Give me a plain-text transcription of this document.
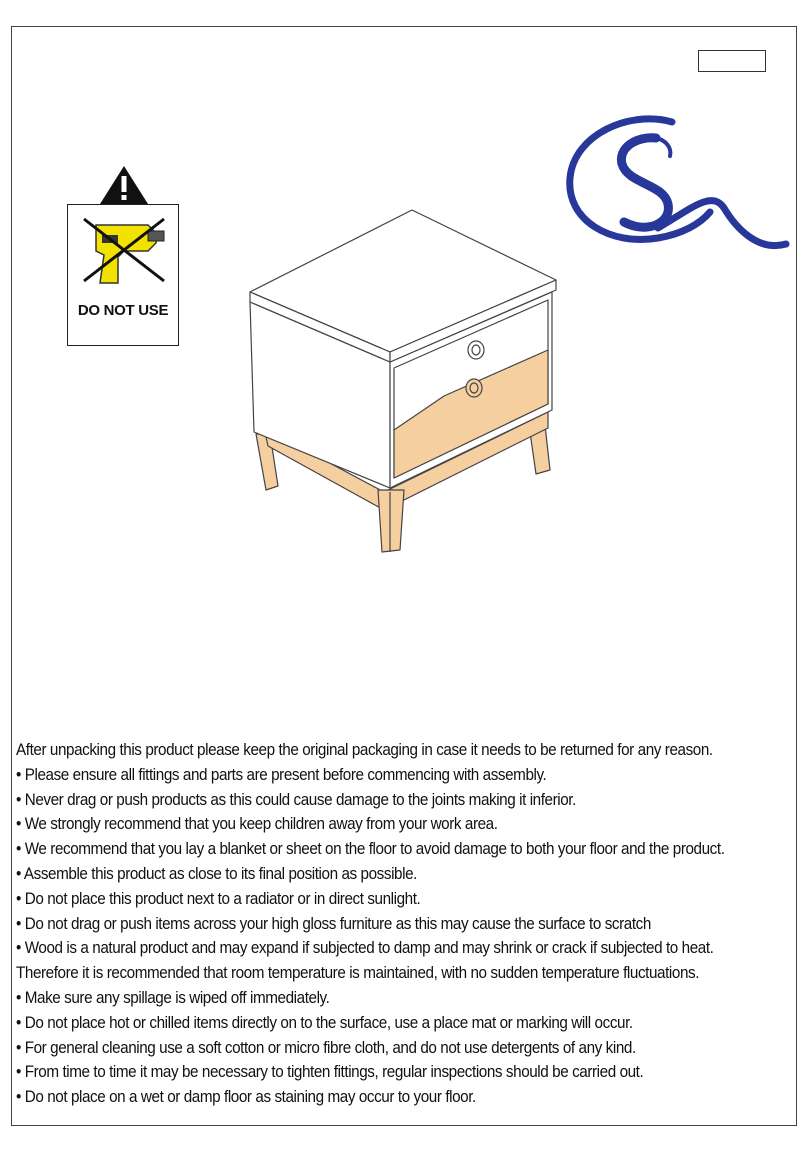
DO NOT USE

After unpacking this product please keep the original packaging in case it needs to be returned for any reason.

• Please ensure all fittings and parts are present before commencing with assembly.

• Never drag or push products as this could cause damage to the joints making it inferior.

• We strongly recommend that you keep children away from your work area.

• We recommend that you lay a blanket or sheet on the floor to avoid damage to both your floor and the product.

• Assemble this product as close to its final position as possible.

• Do not place this product next to a radiator or in direct sunlight.

• Do not drag or push items across your high gloss furniture as this may cause the surface to scratch

• Wood is a natural product and may expand if subjected to damp and may shrink or crack if subjected to heat.

Therefore it is recommended that room temperature is maintained, with no sudden temperature fluctuations.

• Make sure any spillage is wiped off immediately.

• Do not place hot or chilled items directly on to the surface, use a place mat or marking will occur.

• For general cleaning use a soft cotton or micro fibre cloth, and do not use detergents of any kind.

• From time to time it may be necessary to tighten fittings, regular inspections should be carried out.

• Do not place on a wet or damp floor as staining may occur to your floor.
